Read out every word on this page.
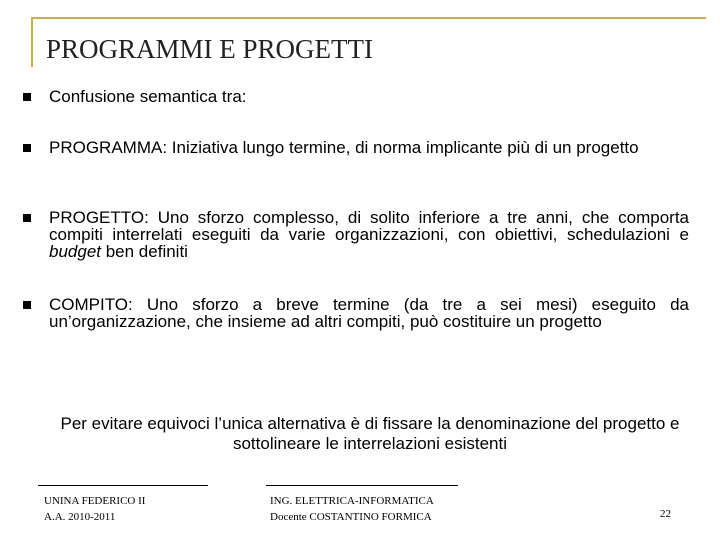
PROGRAMMI E PROGETTI
Confusione semantica tra:
PROGRAMMA: Iniziativa lungo termine, di norma implicante più di un progetto
PROGETTO: Uno sforzo complesso, di solito inferiore a tre anni, che comporta compiti interrelati eseguiti da varie organizzazioni, con obiettivi, schedulazioni e budget ben definiti
COMPITO: Uno sforzo a breve termine (da tre a sei mesi) eseguito da un’organizzazione, che insieme ad altri compiti, può costituire un progetto
Per evitare equivoci l’unica alternativa è di fissare la denominazione del progetto e sottolineare le interrelazioni esistenti
UNINA FEDERICO II
A.A. 2010-2011
ING. ELETTRICA-INFORMATICA
Docente COSTANTINO FORMICA	22
